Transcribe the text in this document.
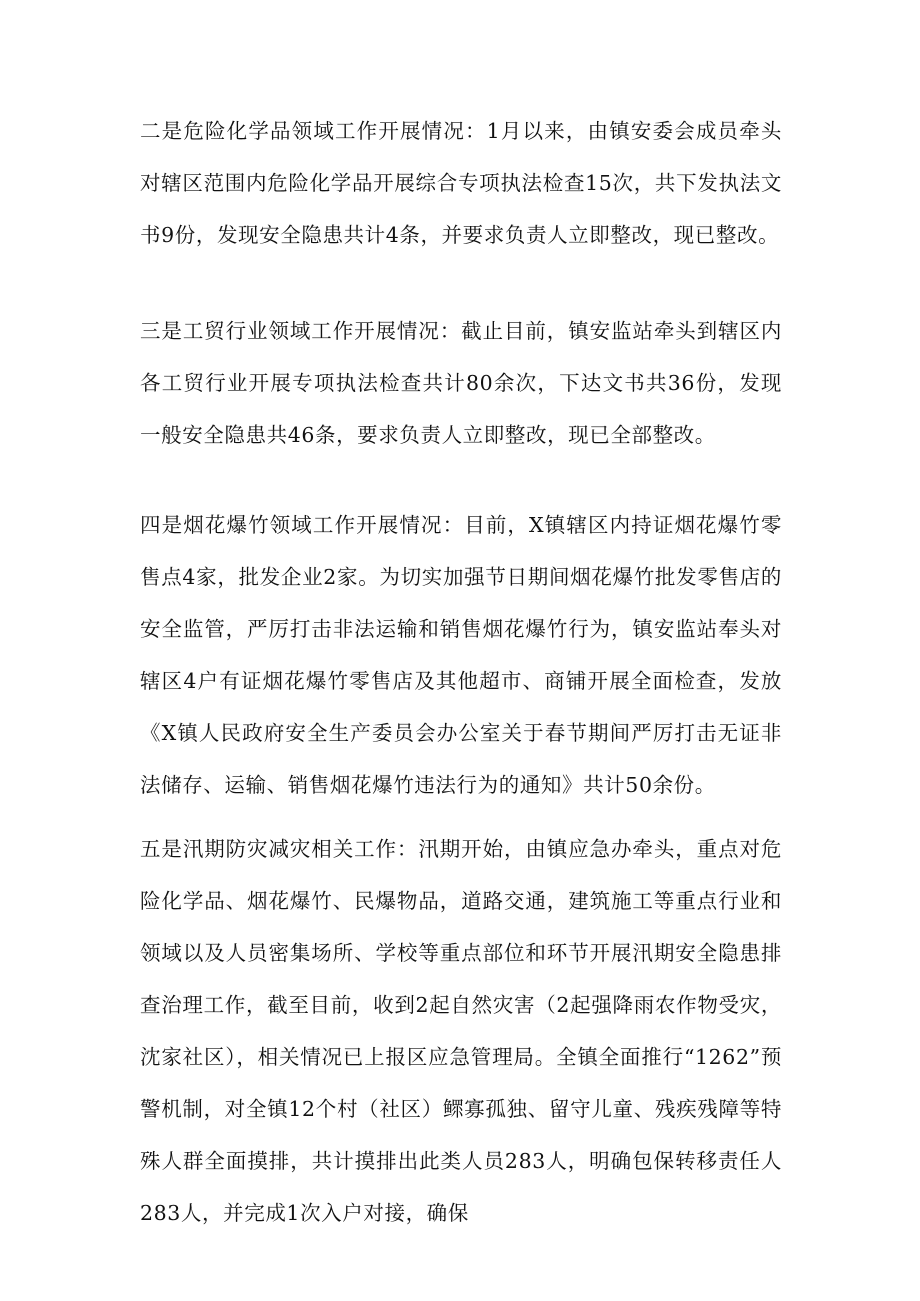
二是危险化学品领域工作开展情况：1月以来，由镇安委会成员牵头对辖区范围内危险化学品开展综合专项执法检查15次，共下发执法文书9份，发现安全隐患共计4条，并要求负责人立即整改，现已整改。

三是工贸行业领域工作开展情况：截止目前，镇安监站牵头到辖区内各工贸行业开展专项执法检查共计80余次，下达文书共36份，发现一般安全隐患共46条，要求负责人立即整改，现已全部整改。

四是烟花爆竹领域工作开展情况：目前，X镇辖区内持证烟花爆竹零售点4家，批发企业2家。为切实加强节日期间烟花爆竹批发零售店的安全监管，严厉打击非法运输和销售烟花爆竹行为，镇安监站奉头对辖区4户有证烟花爆竹零售店及其他超市、商铺开展全面检查，发放《X镇人民政府安全生产委员会办公室关于春节期间严厉打击无证非法储存、运输、销售烟花爆竹违法行为的通知》共计50余份。

五是汛期防灾减灾相关工作：汛期开始，由镇应急办牵头，重点对危险化学品、烟花爆竹、民爆物品，道路交通，建筑施工等重点行业和领域以及人员密集场所、学校等重点部位和环节开展汛期安全隐患排查治理工作，截至目前，收到2起自然灾害（2起强降雨农作物受灾，沈家社区），相关情况已上报区应急管理局。全镇全面推行“1262”预警机制，对全镇12个村（社区）鳏寡孤独、留守儿童、残疾残障等特殊人群全面摸排，共计摸排出此类人员283人，明确包保转移责任人283人，并完成1次入户对接，确保
